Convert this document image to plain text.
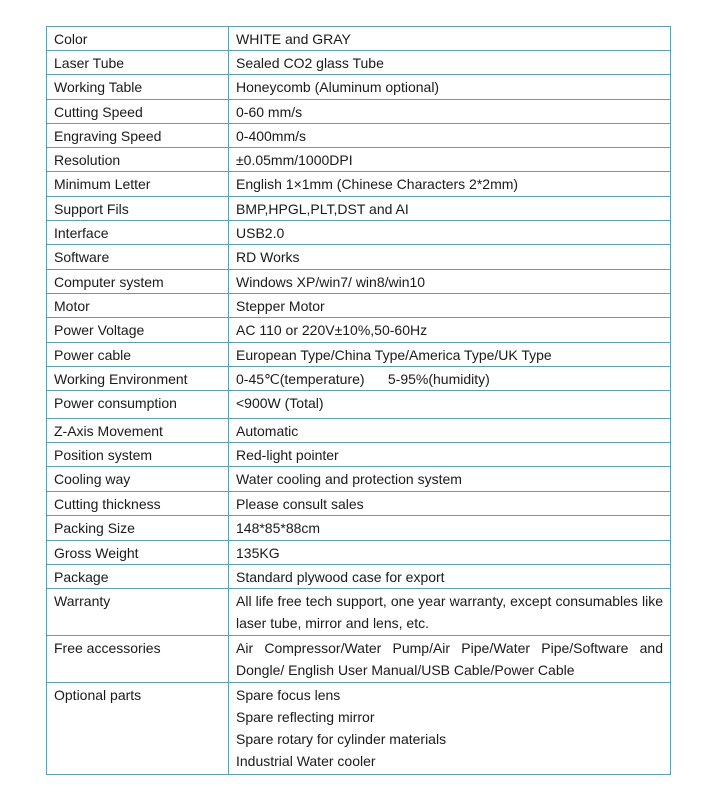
Color	WHITE and GRAY
Laser Tube	Sealed CO2 glass Tube
Working Table	Honeycomb (Aluminum optional)
Cutting Speed	0-60 mm/s
Engraving Speed	0-400mm/s
Resolution	±0.05mm/1000DPI
Minimum Letter	English 1×1mm (Chinese Characters 2*2mm)
Support Fils	BMP,HPGL,PLT,DST and AI
Interface	USB2.0
Software	RD Works
Computer system	Windows XP/win7/ win8/win10
Motor	Stepper Motor
Power Voltage	AC 110 or 220V±10%,50-60Hz
Power cable	European Type/China Type/America Type/UK Type
Working Environment	0-45℃(temperature)      5-95%(humidity)
Power consumption	<900W (Total)
Z-Axis Movement	Automatic
Position system	Red-light pointer
Cooling way	Water cooling and protection system
Cutting thickness	Please consult sales
Packing Size	148*85*88cm
Gross Weight	135KG
Package	Standard plywood case for export
Warranty	All life free tech support, one year warranty, except consumables like laser tube, mirror and lens, etc.
Free accessories	Air Compressor/Water Pump/Air Pipe/Water Pipe/Software and Dongle/ English User Manual/USB Cable/Power Cable
Optional parts	Spare focus lens
Spare reflecting mirror
Spare rotary for cylinder materials
Industrial Water cooler
